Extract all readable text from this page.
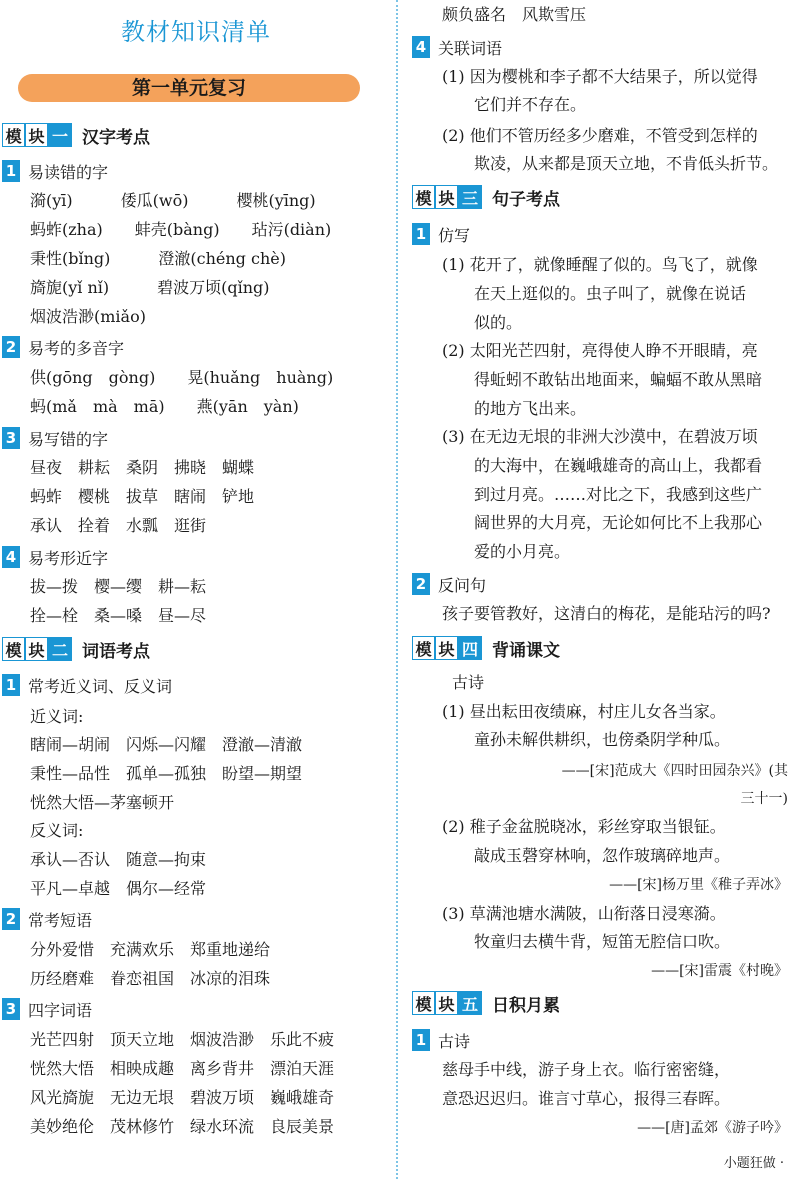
教材知识清单
第一单元复习
模 块 一 汉字考点
1 易读错的字
漪(yī)　　　倭瓜(wō)　　　樱桃(yīng)
蚂蚱(zha)　　蚌壳(bàng)　　玷污(diàn)
秉性(bǐng)　　　澄澈(chéng chè)
旖旎(yǐ nǐ)　　　碧波万顷(qǐng)
烟波浩渺(miǎo)
2 易考的多音字
供(gōng　gòng)　　晃(huǎng　huàng)
蚂(mǎ　mà　mā)　　燕(yān　yàn)
3 易写错的字
昼夜　耕耘　桑阴　拂晓　蝴蝶
蚂蚱　樱桃　拔草　瞎闹　铲地
承认　拴着　水瓢　逛街
4 易考形近字
拔—拨　樱—缨　耕—耘
拴—栓　桑—嗓　昼—尽
模 块 二 词语考点
1 常考近义词、反义词
近义词:
瞎闹—胡闹　闪烁—闪耀　澄澈—清澈
秉性—品性　孤单—孤独　盼望—期望
恍然大悟—茅塞顿开
反义词:
承认—否认　随意—拘束
平凡—卓越　偶尔—经常
2 常考短语
分外爱惜　充满欢乐　郑重地递给
历经磨难　眷恋祖国　冰凉的泪珠
3 四字词语
光芒四射　顶天立地　烟波浩渺　乐此不疲
恍然大悟　相映成趣　离乡背井　漂泊天涯
风光旖旎　无边无垠　碧波万顷　巍峨雄奇
美妙绝伦　茂林修竹　绿水环流　良辰美景
颇负盛名　风欺雪压
4 关联词语
(1) 因为樱桃和李子都不大结果子，所以觉得
它们并不存在。
(2) 他们不管历经多少磨难，不管受到怎样的
欺凌，从来都是顶天立地，不肯低头折节。
模 块 三 句子考点
1 仿写
(1) 花开了，就像睡醒了似的。鸟飞了，就像
在天上逛似的。虫子叫了，就像在说话
似的。
(2) 太阳光芒四射，亮得使人睁不开眼睛，亮
得蚯蚓不敢钻出地面来，蝙蝠不敢从黑暗
的地方飞出来。
(3) 在无边无垠的非洲大沙漠中，在碧波万顷
的大海中，在巍峨雄奇的高山上，我都看
到过月亮。……对比之下，我感到这些广
阔世界的大月亮，无论如何比不上我那心
爱的小月亮。
2 反问句
孩子要管教好，这清白的梅花，是能玷污的吗?
模 块 四 背诵课文
古诗
(1) 昼出耘田夜绩麻，村庄儿女各当家。
童孙未解供耕织，也傍桑阴学种瓜。
——[宋]范成大《四时田园杂兴》(其
三十一)
(2) 稚子金盆脱晓冰，彩丝穿取当银钲。
敲成玉磬穿林响，忽作玻璃碎地声。
——[宋]杨万里《稚子弄冰》
(3) 草满池塘水满陂，山衔落日浸寒漪。
牧童归去横牛背，短笛无腔信口吹。
——[宋]雷震《村晚》
模 块 五 日积月累
1 古诗
慈母手中线，游子身上衣。临行密密缝，
意恐迟迟归。谁言寸草心，报得三春晖。
——[唐]孟郊《游子吟》
小题狂做 ·
